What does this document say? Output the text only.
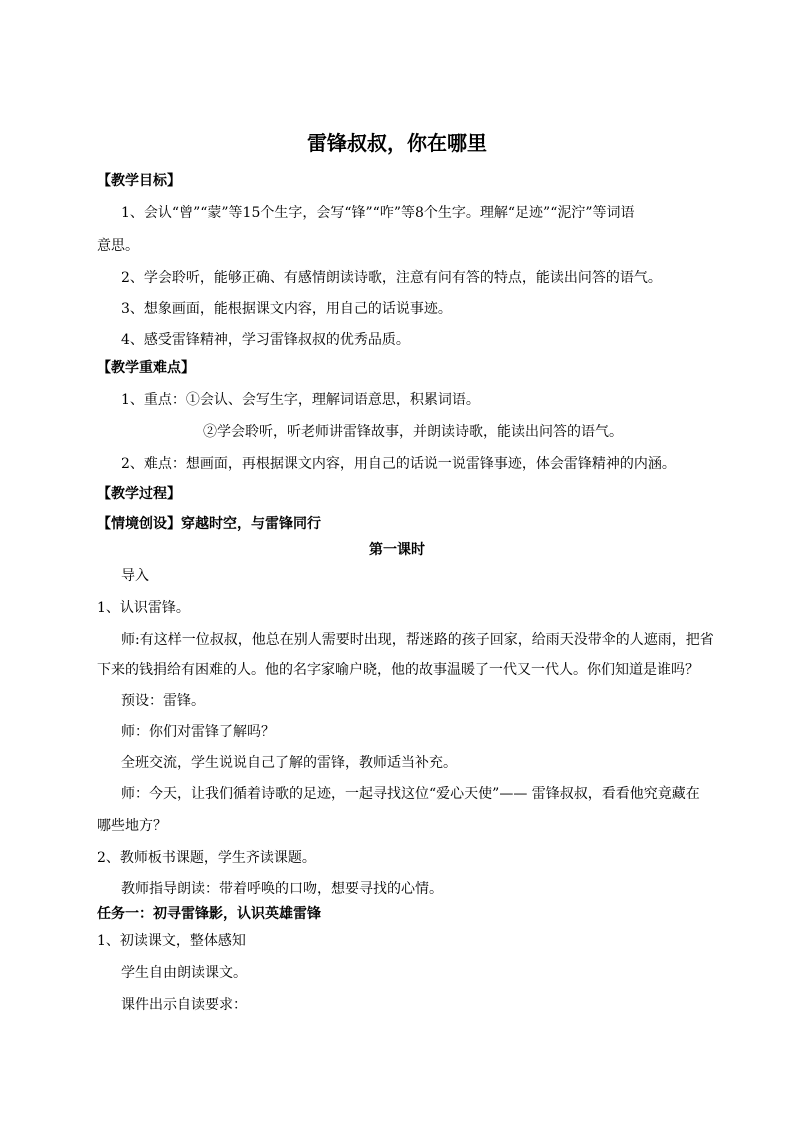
雷锋叔叔，你在哪里

【教学目标】

1、会认“曾”“蒙”等15个生字，会写“锋”“咋”等8个生字。理解“足迹”“泥泞”等词语

意思。

2、学会聆听，能够正确、有感情朗读诗歌，注意有问有答的特点，能读出问答的语气。

3、想象画面，能根据课文内容，用自己的话说事迹。

4、感受雷锋精神，学习雷锋叔叔的优秀品质。

【教学重难点】

1、重点：①会认、会写生字，理解词语意思，积累词语。

②学会聆听，听老师讲雷锋故事，并朗读诗歌，能读出问答的语气。

2、难点：想画面，再根据课文内容，用自己的话说一说雷锋事迹，体会雷锋精神的内涵。

【教学过程】

【情境创设】穿越时空，与雷锋同行

第一课时

导入

1、认识雷锋。

师:有这样一位叔叔，他总在别人需要时出现，帮迷路的孩子回家，给雨天没带伞的人遮雨，把省

下来的钱捐给有困难的人。他的名字家喻户晓，他的故事温暖了一代又一代人。你们知道是谁吗？

预设：雷锋。

师：你们对雷锋了解吗？

全班交流，学生说说自己了解的雷锋，教师适当补充。

师：今天，让我们循着诗歌的足迹，一起寻找这位“爱心天使”—— 雷锋叔叔，看看他究竟藏在

哪些地方？

2、教师板书课题，学生齐读课题。

教师指导朗读：带着呼唤的口吻，想要寻找的心情。

任务一：初寻雷锋影，认识英雄雷锋

1、初读课文，整体感知

学生自由朗读课文。

课件出示自读要求：
